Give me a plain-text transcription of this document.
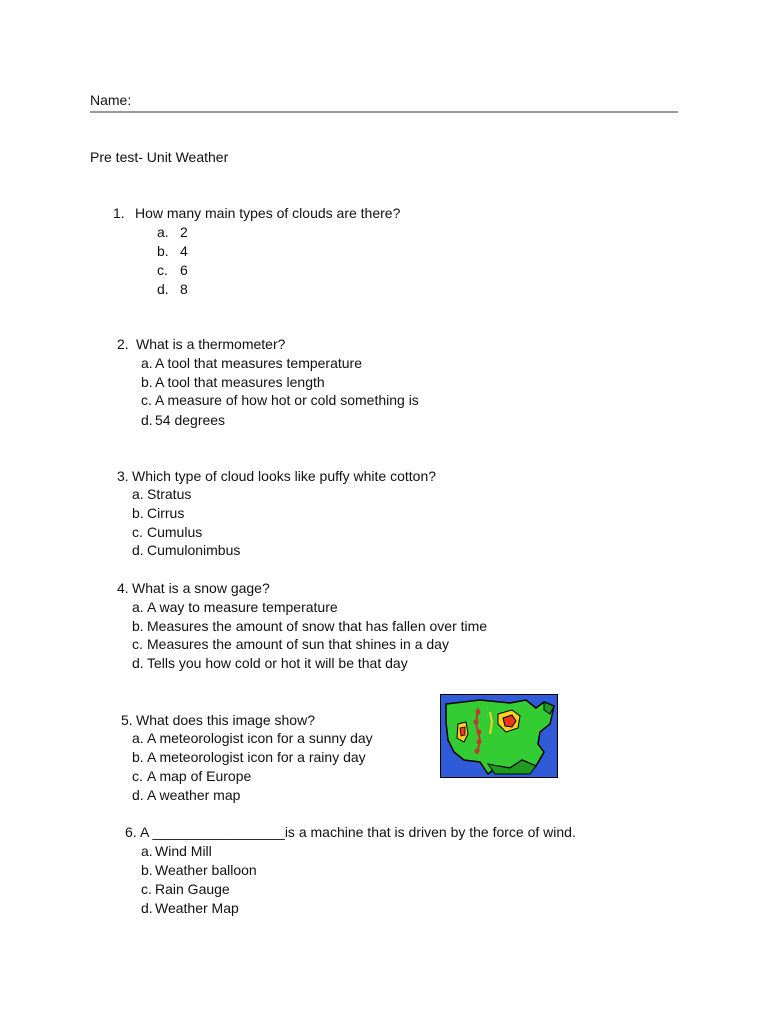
Name:
Pre test- Unit Weather
1. How many main types of clouds are there?
a. 2
b. 4
c. 6
d. 8
2. What is a thermometer?
a. A tool that measures temperature
b. A tool that measures length
c. A measure of how hot or cold something is
d. 54 degrees
3. Which type of cloud looks like puffy white cotton?
a. Stratus
b. Cirrus
c. Cumulus
d. Cumulonimbus
4. What is a snow gage?
a. A way to measure temperature
b. Measures the amount of snow that has fallen over time
c. Measures the amount of sun that shines in a day
d. Tells you how cold or hot it will be that day
5. What does this image show?
a. A meteorologist icon for a sunny day
b. A meteorologist icon for a rainy day
c. A map of Europe
d. A weather map
6. A _________________is a machine that is driven by the force of wind.
a. Wind Mill
b. Weather balloon
c. Rain Gauge
d. Weather Map
